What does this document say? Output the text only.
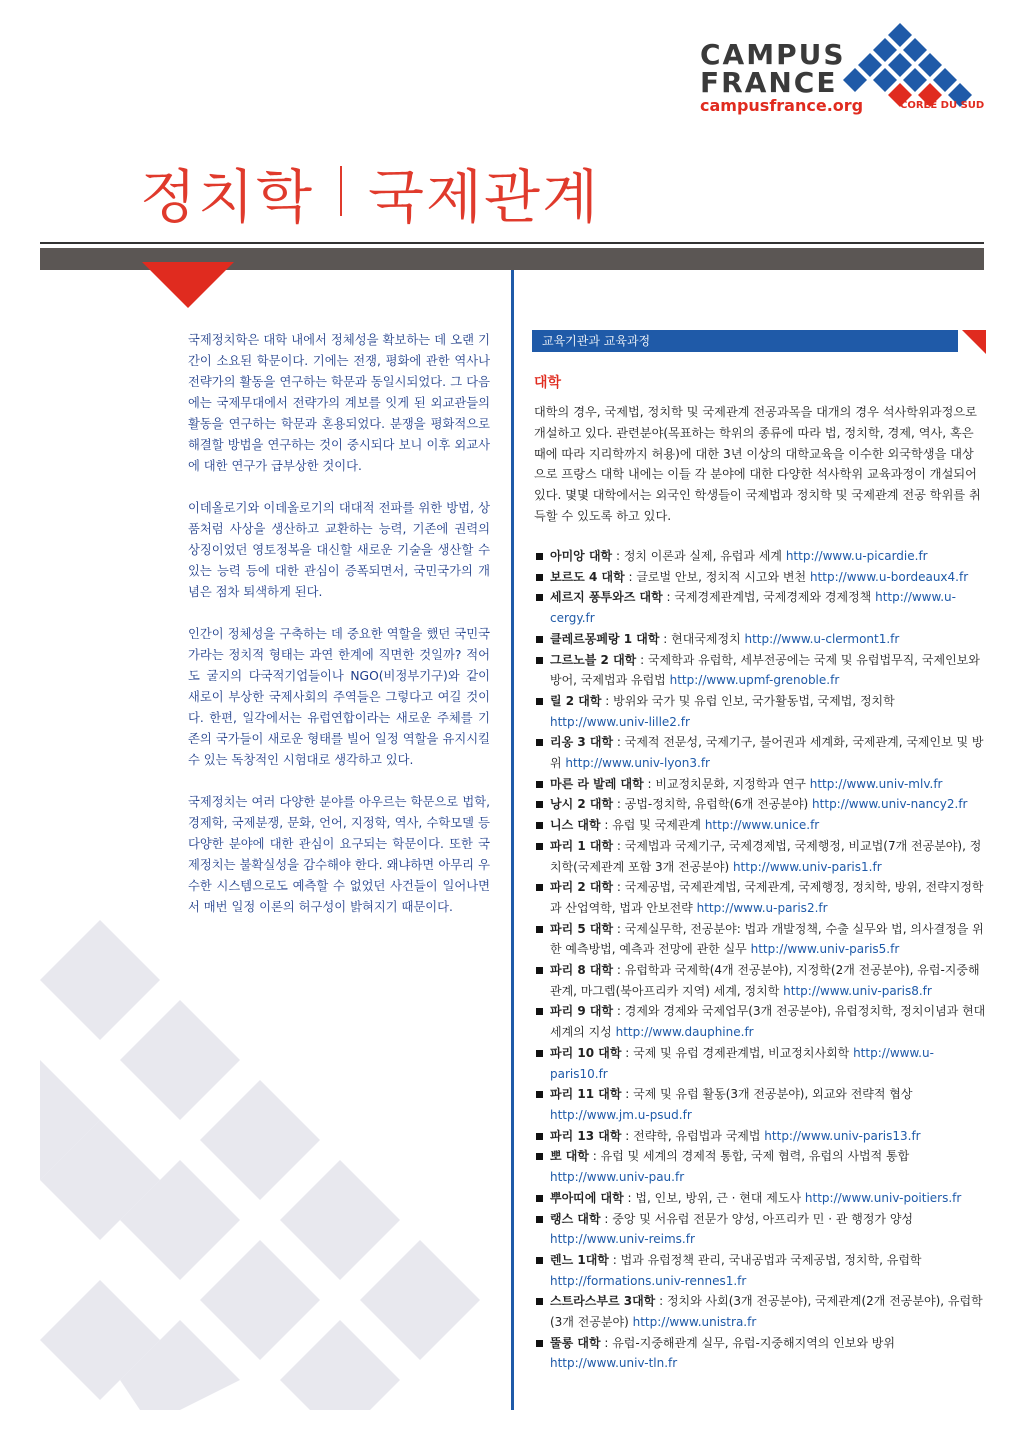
CAMPUS
FRANCE
campusfrance.org	CORÉE DU SUD
정치학 국제관계

국제정치학은 대학 내에서 정체성을 확보하는 데 오랜 기간이 소요된 학문이다. 기에는 전쟁, 평화에 관한 역사나 전략가의 활동을 연구하는 학문과 동일시되었다. 그 다음에는 국제무대에서 전략가의 계보를 잇게 된 외교관들의 활동을 연구하는 학문과 혼용되었다. 분쟁을 평화적으로 해결할 방법을 연구하는 것이 중시되다 보니 이후 외교사에 대한 연구가 급부상한 것이다.

이데올로기와 이데올로기의 대대적 전파를 위한 방법, 상품처럼 사상을 생산하고 교환하는 능력, 기존에 권력의 상징이었던 영토정복을 대신할 새로운 기술을 생산할 수 있는 능력 등에 대한 관심이 증폭되면서, 국민국가의 개념은 점차 퇴색하게 된다.

인간이 정체성을 구축하는 데 중요한 역할을 했던 국민국가라는 정치적 형태는 과연 한계에 직면한 것일까? 적어도 굴지의 다국적기업들이나 NGO(비정부기구)와 같이 새로이 부상한 국제사회의 주역들은 그렇다고 여길 것이다. 한편, 일각에서는 유럽연합이라는 새로운 주체를 기존의 국가들이 새로운 형태를 빌어 일정 역할을 유지시킬 수 있는 독창적인 시험대로 생각하고 있다.

국제정치는 여러 다양한 분야를 아우르는 학문으로 법학, 경제학, 국제분쟁, 문화, 언어, 지정학, 역사, 수학모델 등 다양한 분야에 대한 관심이 요구되는 학문이다. 또한 국제정치는 불확실성을 감수해야 한다. 왜냐하면 아무리 우수한 시스템으로도 예측할 수 없었던 사건들이 일어나면서 매번 일정 이론의 허구성이 밝혀지기 때문이다.

교육기관과 교육과정
대학
대학의 경우, 국제법, 정치학 및 국제관계 전공과목을 대개의 경우 석사학위과정으로 개설하고 있다. 관련분야(목표하는 학위의 종류에 따라 법, 정치학, 경제, 역사, 혹은 때에 따라 지리학까지 허용)에 대한 3년 이상의 대학교육을 이수한 외국학생을 대상으로 프랑스 대학 내에는 이들 각 분야에 대한 다양한 석사학위 교육과정이 개설되어 있다. 몇몇 대학에서는 외국인 학생들이 국제법과 정치학 및 국제관계 전공 학위를 취득할 수 있도록 하고 있다.
아미앙 대학 : 정치 이론과 실제, 유럽과 세계 http://www.u-picardie.fr
보르도 4 대학 : 글로벌 안보, 정치적 시고와 변천 http://www.u-bordeaux4.fr
세르지 퐁투와즈 대학 : 국제경제관계법, 국제경제와 경제정책 http://www.u-cergy.fr
클레르몽페랑 1 대학 : 현대국제정치 http://www.u-clermont1.fr
그르노블 2 대학 : 국제학과 유럽학, 세부전공에는 국제 및 유럽법무직, 국제인보와 방어, 국제법과 유럽법 http://www.upmf-grenoble.fr
릴 2 대학 : 방위와 국가 및 유럽 인보, 국가활동법, 국제법, 정치학 http://www.univ-lille2.fr
리옹 3 대학 : 국제적 전문성, 국제기구, 불어권과 세계화, 국제관계, 국제인보 및 방위 http://www.univ-lyon3.fr
마른 라 발레 대학 : 비교정치문화, 지정학과 연구 http://www.univ-mlv.fr
낭시 2 대학 : 공법-정치학, 유럽학(6개 전공분야) http://www.univ-nancy2.fr
니스 대학 : 유럽 및 국제관계 http://www.unice.fr
파리 1 대학 : 국제법과 국제기구, 국제경제법, 국제행정, 비교법(7개 전공분야), 정치학(국제관계 포함 3개 전공분야) http://www.univ-paris1.fr
파리 2 대학 : 국제공법, 국제관계법, 국제관계, 국제행정, 정치학, 방위, 전략지정학과 산업역학, 법과 안보전략 http://www.u-paris2.fr
파리 5 대학 : 국제실무학, 전공분야: 법과 개발정책, 수출 실무와 법, 의사결정을 위한 예측방법, 예측과 전망에 관한 실무 http://www.univ-paris5.fr
파리 8 대학 : 유럽학과 국제학(4개 전공분야), 지정학(2개 전공분야), 유럽-지중해 관계, 마그렙(북아프리카 지역) 세계, 정치학 http://www.univ-paris8.fr
파리 9 대학 : 경제와 경제와 국제업무(3개 전공분야), 유럽정치학, 정치이념과 현대세계의 지성 http://www.dauphine.fr
파리 10 대학 : 국제 및 유럽 경제관계법, 비교정치사회학 http://www.u-paris10.fr
파리 11 대학 : 국제 및 유럽 활동(3개 전공분야), 외교와 전략적 협상 http://www.jm.u-psud.fr
파리 13 대학 : 전략학, 유럽법과 국제법 http://www.univ-paris13.fr
뽀 대학 : 유럽 및 세계의 경제적 통합, 국제 협력, 유럽의 사법적 통합 http://www.univ-pau.fr
뿌아띠에 대학 : 법, 인보, 방위, 근 · 현대 제도사 http://www.univ-poitiers.fr
랭스 대학 : 중앙 및 서유럽 전문가 양성, 아프리카 민 · 관 행정가 양성 http://www.univ-reims.fr
렌느 1대학 : 법과 유럽정책 관리, 국내공법과 국제공법, 정치학, 유럽학 http://formations.univ-rennes1.fr
스트라스부르 3대학 : 정치와 사회(3개 전공분야), 국제관계(2개 전공분야), 유럽학(3개 전공분야) http://www.unistra.fr
뚤롱 대학 : 유럽-지중해관계 실무, 유럽-지중해지역의 인보와 방위 http://www.univ-tln.fr
